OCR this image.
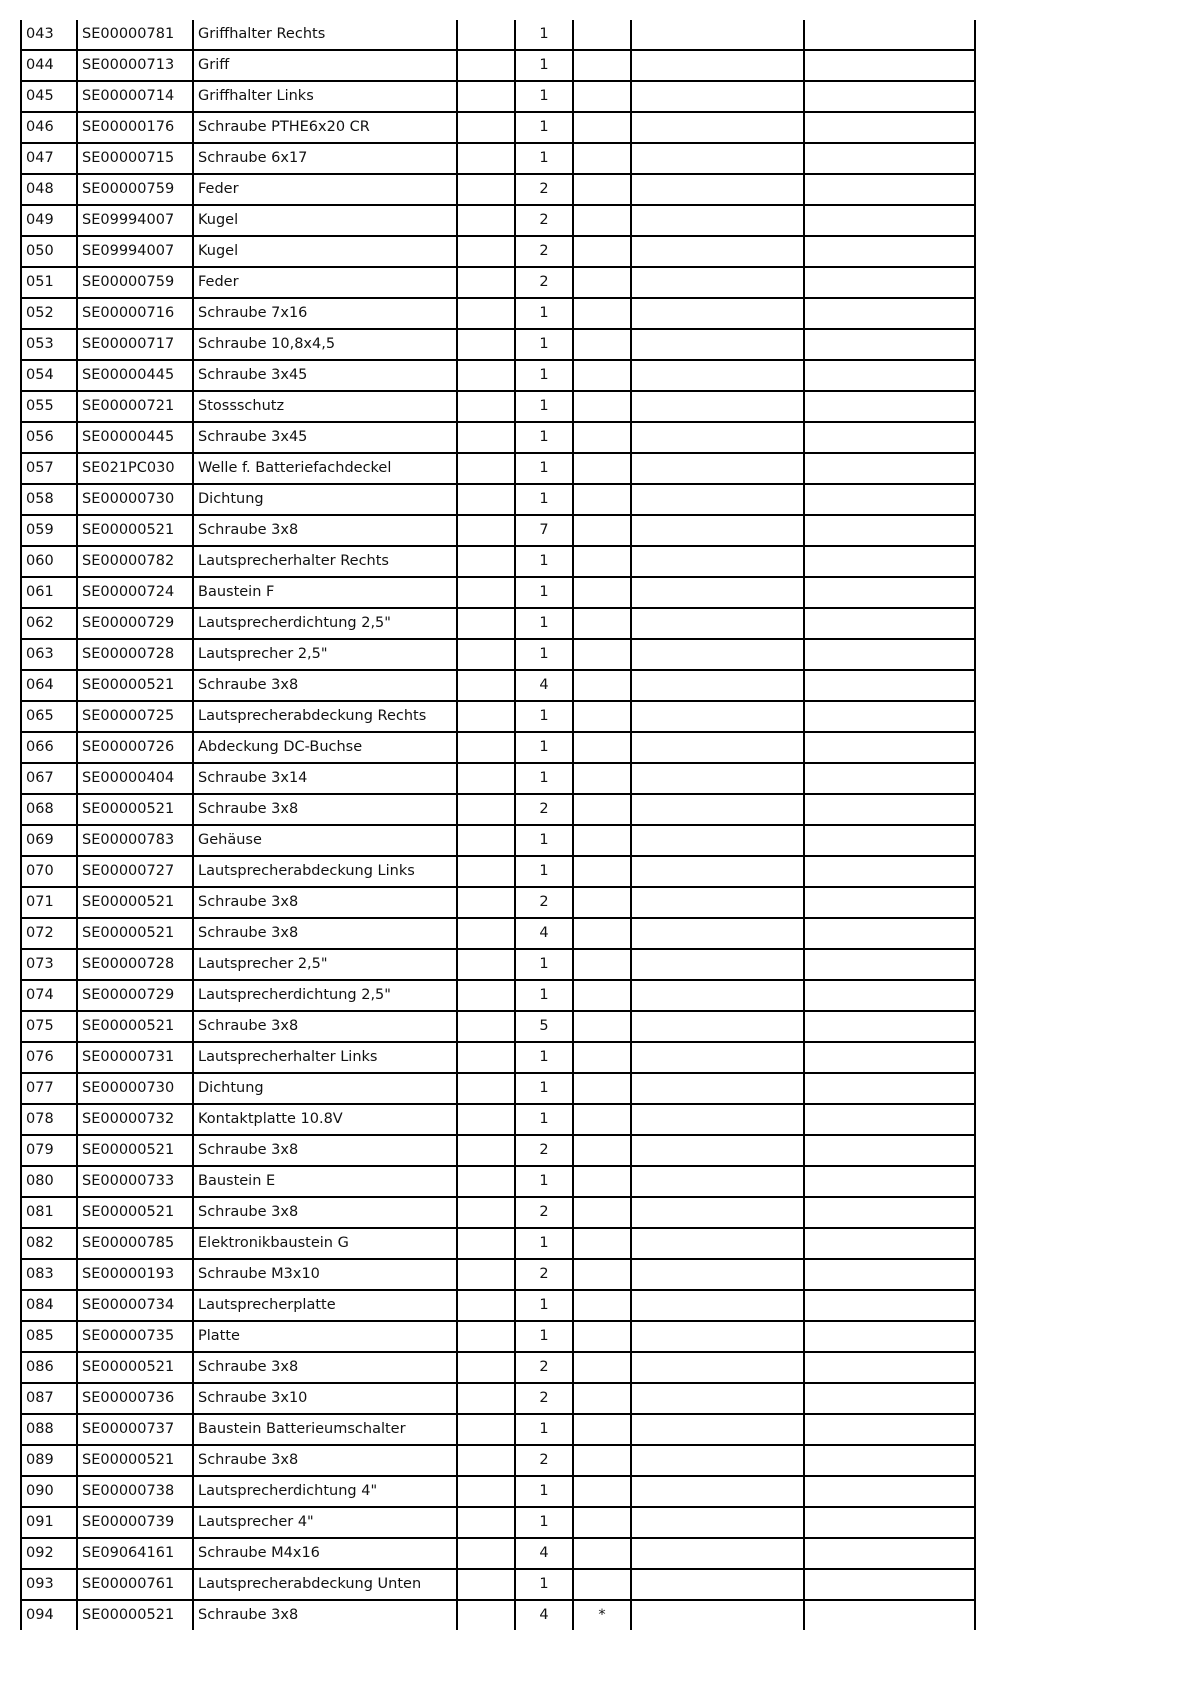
043	SE00000781	Griffhalter Rechts		1			
044	SE00000713	Griff		1			
045	SE00000714	Griffhalter Links		1			
046	SE00000176	Schraube PTHE6x20 CR		1			
047	SE00000715	Schraube 6x17		1			
048	SE00000759	Feder		2			
049	SE09994007	Kugel		2			
050	SE09994007	Kugel		2			
051	SE00000759	Feder		2			
052	SE00000716	Schraube 7x16		1			
053	SE00000717	Schraube 10,8x4,5		1			
054	SE00000445	Schraube 3x45		1			
055	SE00000721	Stossschutz		1			
056	SE00000445	Schraube 3x45		1			
057	SE021PC030	Welle f. Batteriefachdeckel		1			
058	SE00000730	Dichtung		1			
059	SE00000521	Schraube 3x8		7			
060	SE00000782	Lautsprecherhalter Rechts		1			
061	SE00000724	Baustein F		1			
062	SE00000729	Lautsprecherdichtung 2,5"		1			
063	SE00000728	Lautsprecher 2,5"		1			
064	SE00000521	Schraube 3x8		4			
065	SE00000725	Lautsprecherabdeckung Rechts		1			
066	SE00000726	Abdeckung DC-Buchse		1			
067	SE00000404	Schraube 3x14		1			
068	SE00000521	Schraube 3x8		2			
069	SE00000783	Gehäuse		1			
070	SE00000727	Lautsprecherabdeckung Links		1			
071	SE00000521	Schraube 3x8		2			
072	SE00000521	Schraube 3x8		4			
073	SE00000728	Lautsprecher 2,5"		1			
074	SE00000729	Lautsprecherdichtung 2,5"		1			
075	SE00000521	Schraube 3x8		5			
076	SE00000731	Lautsprecherhalter Links		1			
077	SE00000730	Dichtung		1			
078	SE00000732	Kontaktplatte 10.8V		1			
079	SE00000521	Schraube 3x8		2			
080	SE00000733	Baustein E		1			
081	SE00000521	Schraube 3x8		2			
082	SE00000785	Elektronikbaustein G		1			
083	SE00000193	Schraube M3x10		2			
084	SE00000734	Lautsprecherplatte		1			
085	SE00000735	Platte		1			
086	SE00000521	Schraube 3x8		2			
087	SE00000736	Schraube 3x10		2			
088	SE00000737	Baustein Batterieumschalter		1			
089	SE00000521	Schraube 3x8		2			
090	SE00000738	Lautsprecherdichtung 4"		1			
091	SE00000739	Lautsprecher 4"		1			
092	SE09064161	Schraube M4x16		4			
093	SE00000761	Lautsprecherabdeckung Unten		1			
094	SE00000521	Schraube 3x8		4	*		
